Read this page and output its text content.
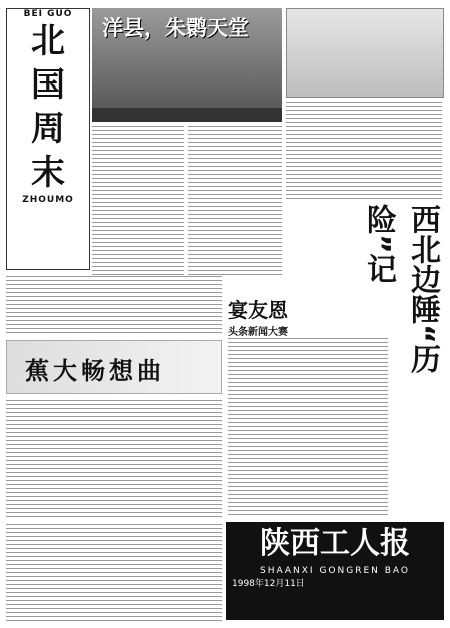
BEI GUO
北
国
周
末
ZHOUMO
洋县，朱鹮天堂
西北边陲“历险”记
宴友恩
头条新闻大赛
蕉大畅想曲
陕西工人报
SHAANXI GONGREN BAO
1998年12月11日
